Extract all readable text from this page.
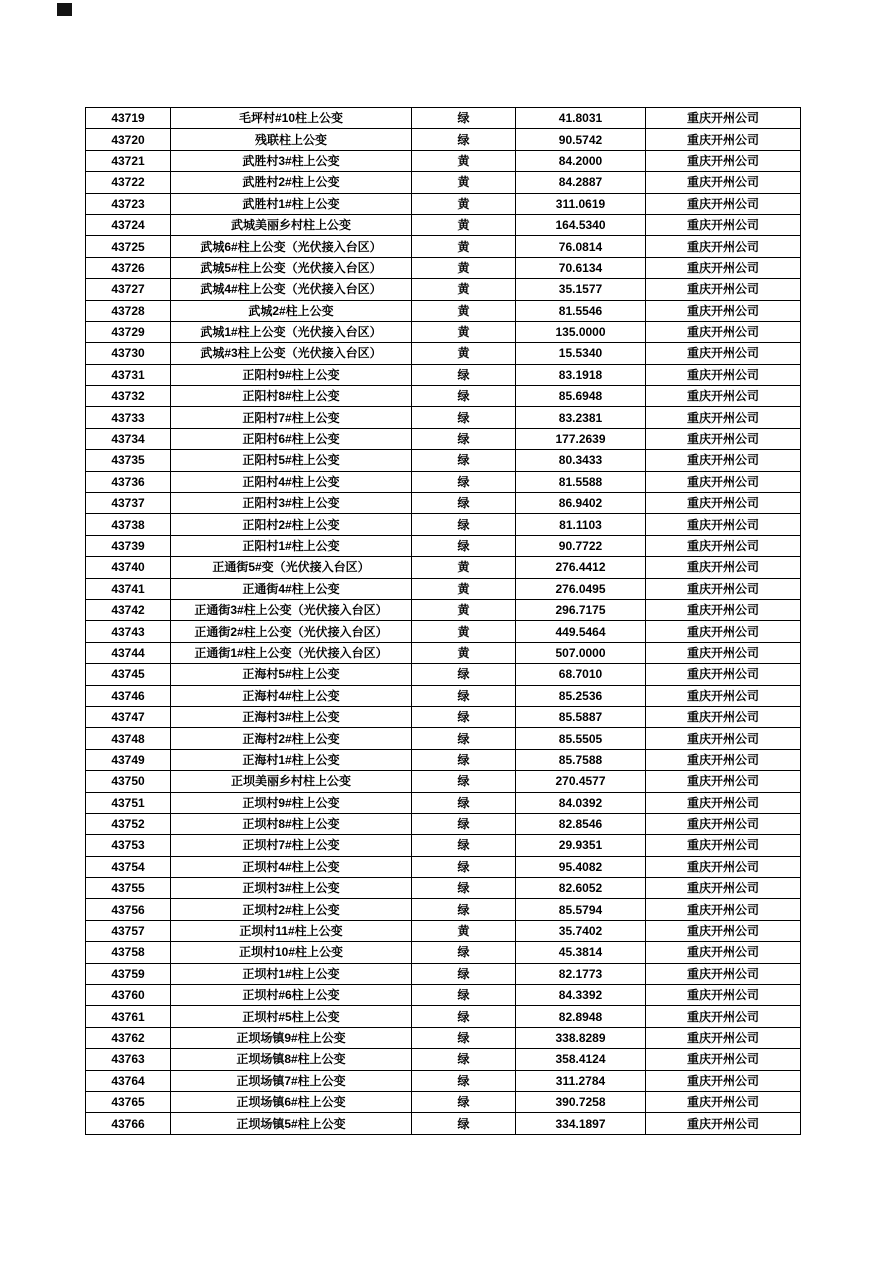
43719	毛坪村#10柱上公变	绿	41.8031	重庆开州公司
43720	残联柱上公变	绿	90.5742	重庆开州公司
43721	武胜村3#柱上公变	黄	84.2000	重庆开州公司
43722	武胜村2#柱上公变	黄	84.2887	重庆开州公司
43723	武胜村1#柱上公变	黄	311.0619	重庆开州公司
43724	武城美丽乡村柱上公变	黄	164.5340	重庆开州公司
43725	武城6#柱上公变（光伏接入台区）	黄	76.0814	重庆开州公司
43726	武城5#柱上公变（光伏接入台区）	黄	70.6134	重庆开州公司
43727	武城4#柱上公变（光伏接入台区）	黄	35.1577	重庆开州公司
43728	武城2#柱上公变	黄	81.5546	重庆开州公司
43729	武城1#柱上公变（光伏接入台区）	黄	135.0000	重庆开州公司
43730	武城#3柱上公变（光伏接入台区）	黄	15.5340	重庆开州公司
43731	正阳村9#柱上公变	绿	83.1918	重庆开州公司
43732	正阳村8#柱上公变	绿	85.6948	重庆开州公司
43733	正阳村7#柱上公变	绿	83.2381	重庆开州公司
43734	正阳村6#柱上公变	绿	177.2639	重庆开州公司
43735	正阳村5#柱上公变	绿	80.3433	重庆开州公司
43736	正阳村4#柱上公变	绿	81.5588	重庆开州公司
43737	正阳村3#柱上公变	绿	86.9402	重庆开州公司
43738	正阳村2#柱上公变	绿	81.1103	重庆开州公司
43739	正阳村1#柱上公变	绿	90.7722	重庆开州公司
43740	正通街5#变（光伏接入台区）	黄	276.4412	重庆开州公司
43741	正通街4#柱上公变	黄	276.0495	重庆开州公司
43742	正通街3#柱上公变（光伏接入台区）	黄	296.7175	重庆开州公司
43743	正通街2#柱上公变（光伏接入台区）	黄	449.5464	重庆开州公司
43744	正通街1#柱上公变（光伏接入台区）	黄	507.0000	重庆开州公司
43745	正海村5#柱上公变	绿	68.7010	重庆开州公司
43746	正海村4#柱上公变	绿	85.2536	重庆开州公司
43747	正海村3#柱上公变	绿	85.5887	重庆开州公司
43748	正海村2#柱上公变	绿	85.5505	重庆开州公司
43749	正海村1#柱上公变	绿	85.7588	重庆开州公司
43750	正坝美丽乡村柱上公变	绿	270.4577	重庆开州公司
43751	正坝村9#柱上公变	绿	84.0392	重庆开州公司
43752	正坝村8#柱上公变	绿	82.8546	重庆开州公司
43753	正坝村7#柱上公变	绿	29.9351	重庆开州公司
43754	正坝村4#柱上公变	绿	95.4082	重庆开州公司
43755	正坝村3#柱上公变	绿	82.6052	重庆开州公司
43756	正坝村2#柱上公变	绿	85.5794	重庆开州公司
43757	正坝村11#柱上公变	黄	35.7402	重庆开州公司
43758	正坝村10#柱上公变	绿	45.3814	重庆开州公司
43759	正坝村1#柱上公变	绿	82.1773	重庆开州公司
43760	正坝村#6柱上公变	绿	84.3392	重庆开州公司
43761	正坝村#5柱上公变	绿	82.8948	重庆开州公司
43762	正坝场镇9#柱上公变	绿	338.8289	重庆开州公司
43763	正坝场镇8#柱上公变	绿	358.4124	重庆开州公司
43764	正坝场镇7#柱上公变	绿	311.2784	重庆开州公司
43765	正坝场镇6#柱上公变	绿	390.7258	重庆开州公司
43766	正坝场镇5#柱上公变	绿	334.1897	重庆开州公司
